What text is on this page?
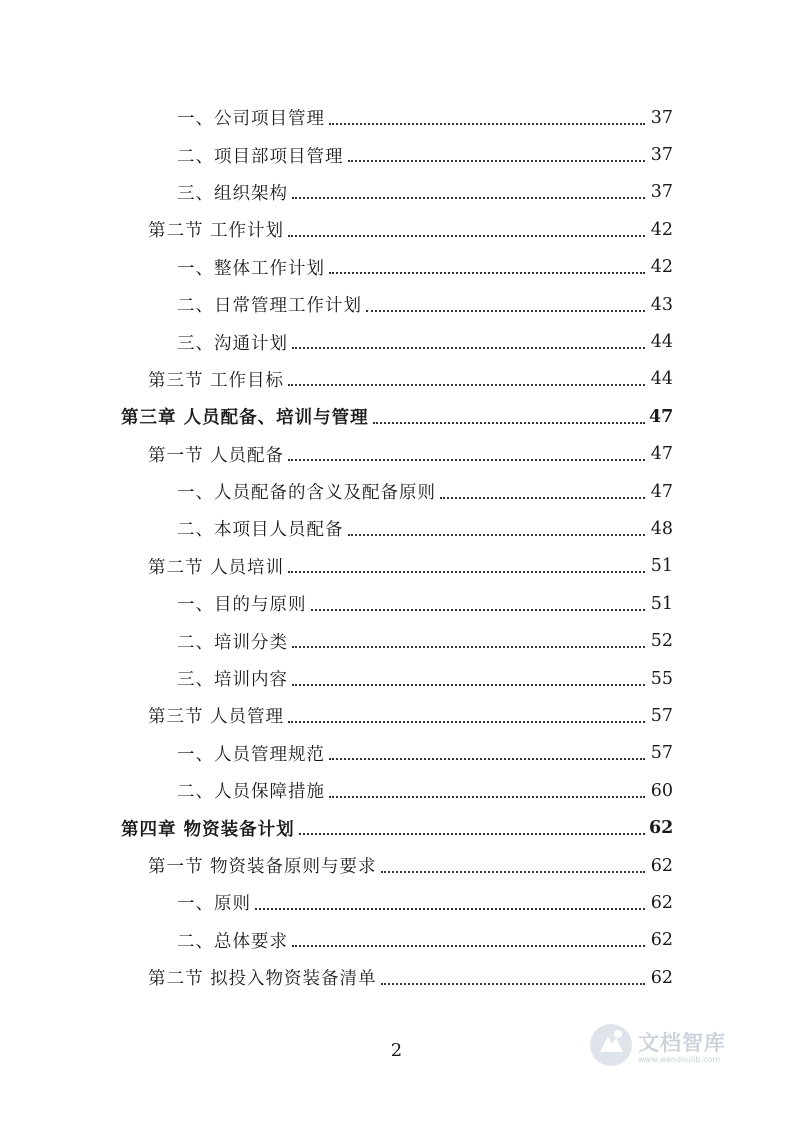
一、公司项目管理	37
二、项目部项目管理	37
三、组织架构	37
第二节 工作计划	42
一、整体工作计划	42
二、日常管理工作计划	43
三、沟通计划	44
第三节 工作目标	44
第三章 人员配备、培训与管理	47
第一节 人员配备	47
一、人员配备的含义及配备原则	47
二、本项目人员配备	48
第二节 人员培训	51
一、目的与原则	51
二、培训分类	52
三、培训内容	55
第三节 人员管理	57
一、人员管理规范	57
二、人员保障措施	60
第四章 物资装备计划	62
第一节 物资装备原则与要求	62
一、原则	62
二、总体要求	62
第二节 拟投入物资装备清单	62
2	文档智库
www.wendoulib.com
